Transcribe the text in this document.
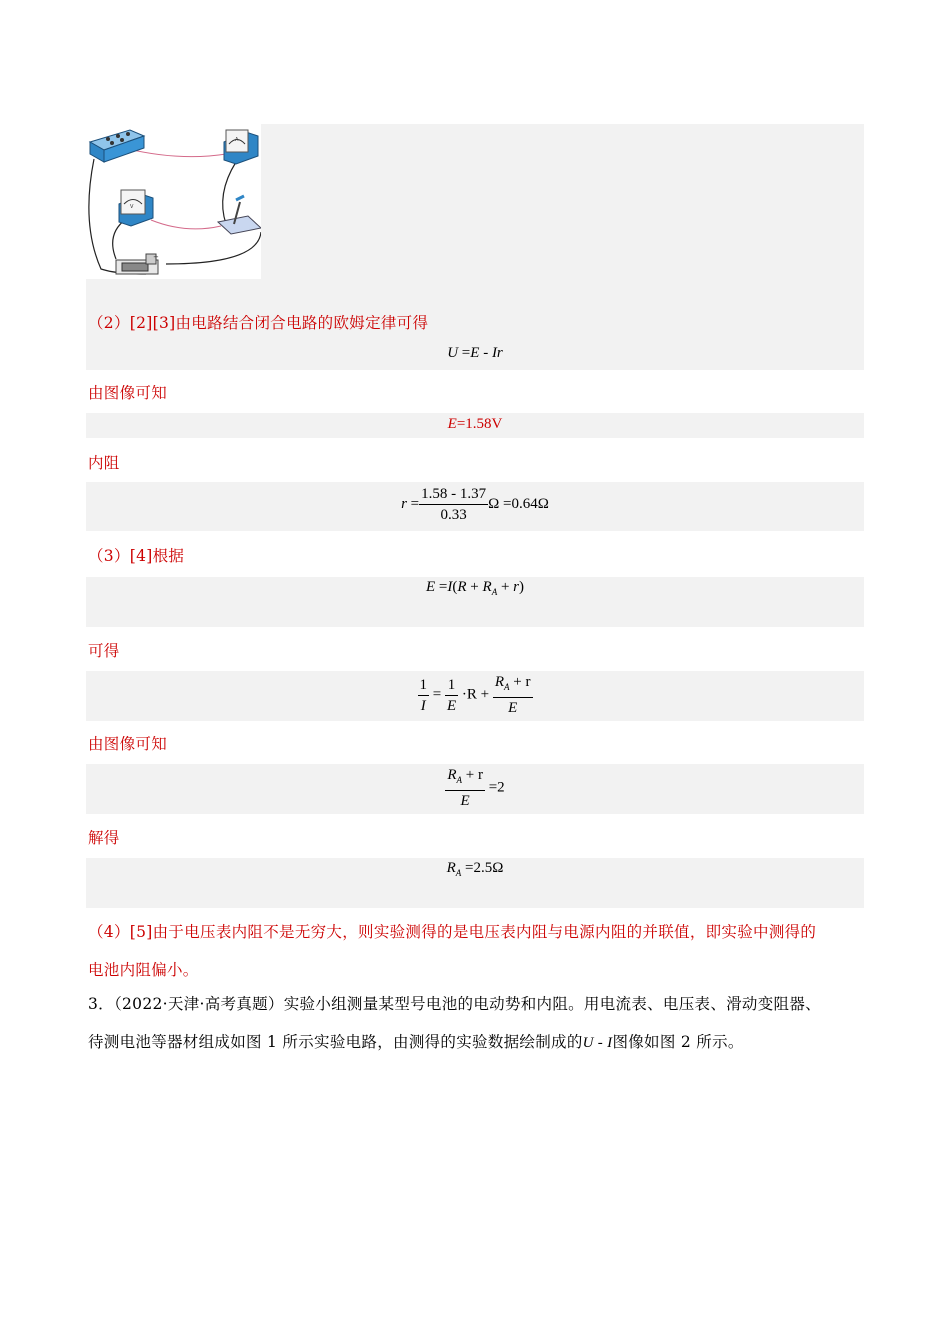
A
V
+
（2）[2][3]由电路结合闭合电路的欧姆定律可得
U =E - Ir
由图像可知
E=1.58V
内阻
$r = \frac{1.58 - 1.37}{0.33}$ Ω =0.64Ω
（3）[4]根据
$E =I(R + R_A + r)$
可得
$\frac{1}{I} = \frac{1}{E} \cdot R + \frac{R_A + r}{E}$
由图像可知
$\frac{R_A + r}{E} =2$
解得
$R_A =2.5\Omega$
（4）[5]由于电压表内阻不是无穷大，则实验测得的是电压表内阻与电源内阻的并联值，即实验中测得的
电池内阻偏小。
3．（2022·天津·高考真题）实验小组测量某型号电池的电动势和内阻。用电流表、电压表、滑动变阻器、
待测电池等器材组成如图 1 所示实验电路，由测得的实验数据绘制成的U - I图像如图 2 所示。
